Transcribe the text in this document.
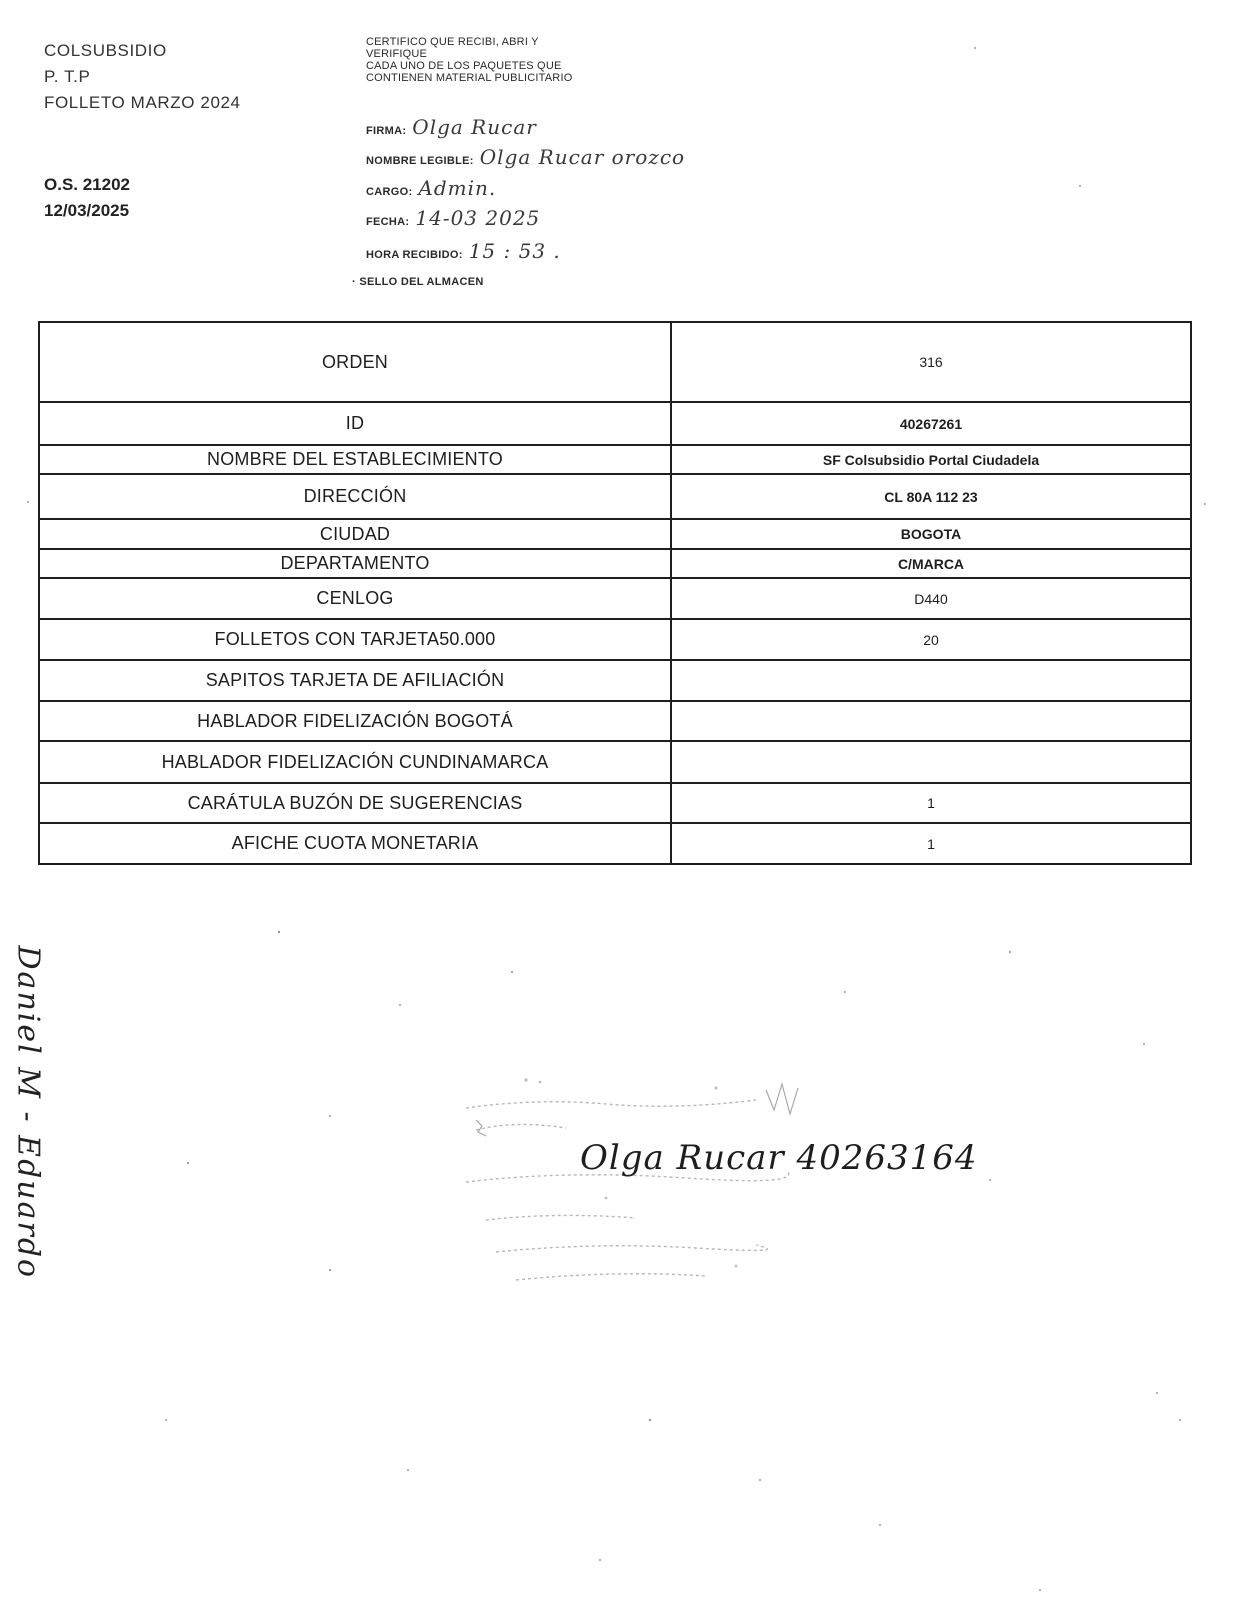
COLSUBSIDIO
P. T.P
FOLLETO MARZO 2024
O.S. 21202
12/03/2025
CERTIFICO QUE RECIBI, ABRI Y
VERIFIQUE
CADA UNO DE LOS PAQUETES QUE
CONTIENEN MATERIAL PUBLICITARIO
FIRMA: Olga Rucar
NOMBRE LEGIBLE: Olga Rucar orozco
CARGO: Admin.
FECHA: 14-03 2025
HORA RECIBIDO: 15 : 53 .
· SELLO DEL ALMACEN
ORDEN	316
ID	40267261
NOMBRE DEL ESTABLECIMIENTO	SF Colsubsidio Portal Ciudadela
DIRECCIÓN	CL 80A 112 23
CIUDAD	BOGOTA
DEPARTAMENTO	C/MARCA
CENLOG	D440
FOLLETOS CON TARJETA50.000	20
SAPITOS TARJETA DE AFILIACIÓN	
HABLADOR FIDELIZACIÓN BOGOTÁ	
HABLADOR FIDELIZACIÓN CUNDINAMARCA	
CARÁTULA BUZÓN DE SUGERENCIAS	1
AFICHE CUOTA MONETARIA	1
Daniel M - Eduardo	Olga Rucar 40263164
